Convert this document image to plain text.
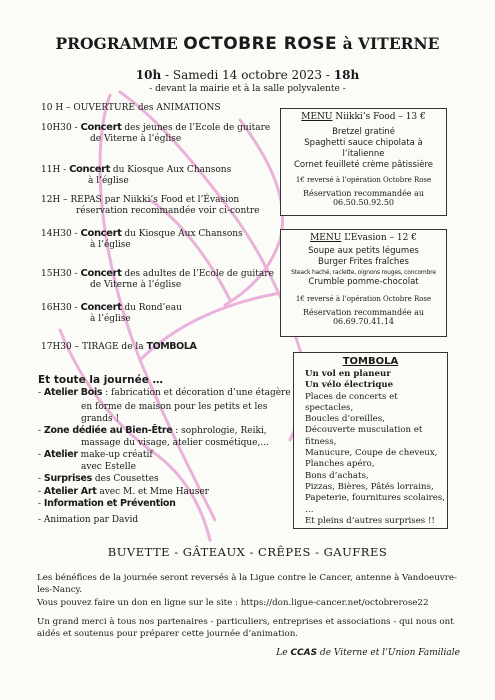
PROGRAMME OCTOBRE ROSE à VITERNE
10h - Samedi 14 octobre 2023 - 18h
- devant la mairie et à la salle polyvalente -
10 H – OUVERTURE des ANIMATIONS
10H30 - Concert des jeunes de l’Ecole de guitare
de Viterne à l’église
11H - Concert du Kiosque Aux Chansons
à l’église
12H – REPAS par Niikki’s Food et l’Évasion
réservation recommandée voir ci-contre
14H30 - Concert du Kiosque Aux Chansons
à l’église
15H30 - Concert des adultes de l’Ecole de guitare
de Viterne à l’église
16H30 - Concert du Rond’eau
à l’église
17H30 – TIRAGE de la TOMBOLA
MENU Niikki’s Food – 13 €
Bretzel gratiné
Spaghetti sauce chipolata à
l’italienne
Cornet feuilleté crème pâtissière
1€ reversé à l’opération Octobre Rose
Réservation recommandée au 06.50.50.92.50
MENU L’Evasion – 12 €
Soupe aux petits légumes
Burger Frites fraîches
Steack haché, raclette, oignons rouges, concombre
Crumble pomme-chocolat
1€ reversé à l’opération Octobre Rose
Réservation recommandée au 06.69.70.41.14
TOMBOLA
Un vol en planeur
Un vélo électrique
Places de concerts et spectacles,
Boucles d’oreilles,
Découverte musculation et fitness,
Manucure, Coupe de cheveux,
Planches apéro,
Bons d’achats,
Pizzas, Bières, Pâtés lorrains,
Papeterie, fournitures scolaires,
…
Et pleins d’autres surprises !!
Et toute la journée …
- Atelier Bois : fabrication et décoration d’une étagère
en forme de maison pour les petits et les grands !
- Zone dédiée au Bien-Être : sophrologie, Reiki,
massage du visage, atelier cosmétique,...
- Atelier make-up créatif
avec Estelle
- Surprises des Cousettes
- Atelier Art avec M. et Mme Hauser
- Information et Prévention
- Animation par David
BUVETTE - GÂTEAUX - CRÊPES - GAUFRES
Les bénéfices de la journée seront reversés à la Ligue contre le Cancer, antenne à Vandoeuvre-les-Nancy.
Vous pouvez faire un don en ligne sur le site : https://don.ligue-cancer.net/octobrerose22
Un grand merci à tous nos partenaires - particuliers, entreprises et associations - qui nous ont aidés et soutenus pour préparer cette journée d’animation.
Le CCAS de Viterne et l’Union Familiale
